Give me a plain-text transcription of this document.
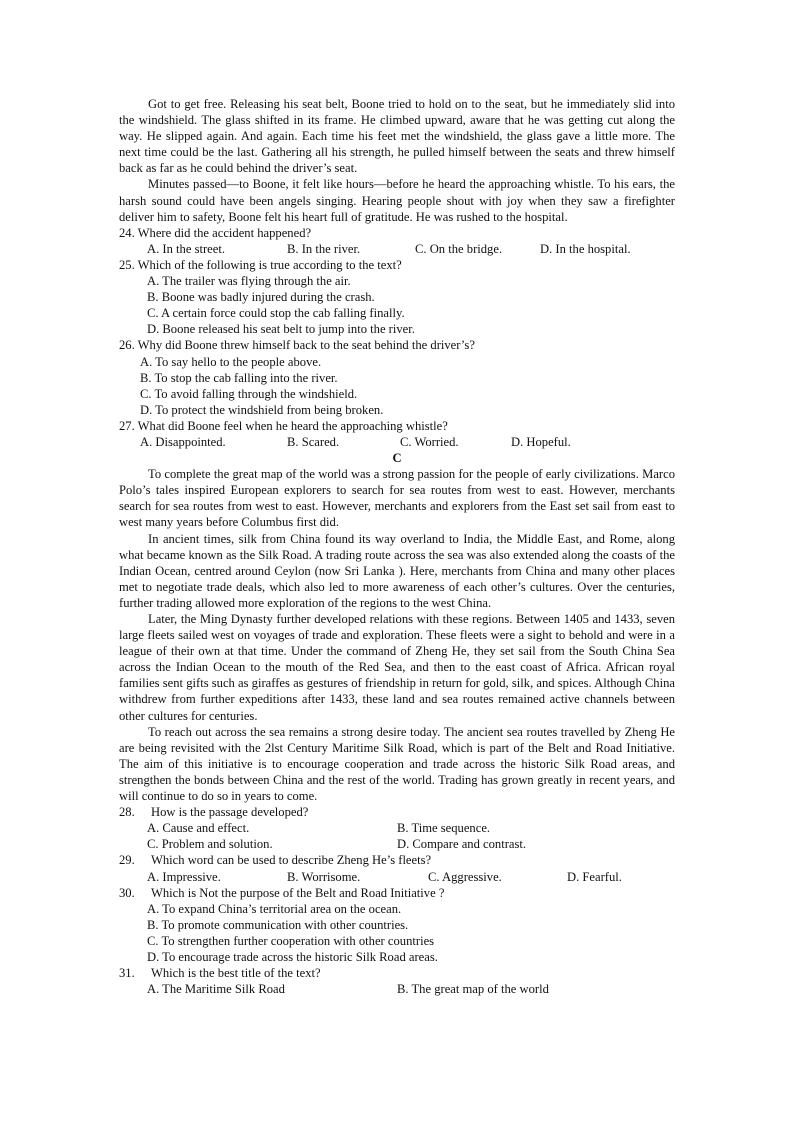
Got to get free. Releasing his seat belt, Boone tried to hold on to the seat, but he immediately slid into the windshield. The glass shifted in its frame. He climbed upward, aware that he was getting cut along the way. He slipped again. And again. Each time his feet met the windshield, the glass gave a little more. The next time could be the last. Gathering all his strength, he pulled himself between the seats and threw himself back as far as he could behind the driver’s seat.

Minutes passed—to Boone, it felt like hours—before he heard the approaching whistle. To his ears, the harsh sound could have been angels singing. Hearing people shout with joy when they saw a firefighter deliver him to safety, Boone felt his heart full of gratitude. He was rushed to the hospital.

24. Where did the accident happened?

A. In the street.	B. In the river.	C. On the bridge.	D. In the hospital.

25. Which of the following is true according to the text?

A. The trailer was flying through the air.

B. Boone was badly injured during the crash.

C. A certain force could stop the cab falling finally.

D. Boone released his seat belt to jump into the river.

26. Why did Boone threw himself back to the seat behind the driver’s?

A. To say hello to the people above.

B. To stop the cab falling into the river.

C. To avoid falling through the windshield.

D. To protect the windshield from being broken.

27. What did Boone feel when he heard the approaching whistle?

A. Disappointed.	B. Scared.	C. Worried.	D. Hopeful.

C

To complete the great map of the world was a strong passion for the people of early civilizations. Marco Polo’s tales inspired European explorers to search for sea routes from west to east. However, merchants search for sea routes from west to east. However, merchants and explorers from the East set sail from east to west many years before Columbus first did.

In ancient times, silk from China found its way overland to India, the Middle East, and Rome, along what became known as the Silk Road. A trading route across the sea was also extended along the coasts of the Indian Ocean, centred around Ceylon (now Sri Lanka ). Here, merchants from China and many other places met to negotiate trade deals, which also led to more awareness of each other’s cultures. Over the centuries, further trading allowed more exploration of the regions to the west China.

Later, the Ming Dynasty further developed relations with these regions. Between 1405 and 1433, seven large fleets sailed west on voyages of trade and exploration. These fleets were a sight to behold and were in a league of their own at that time. Under the command of Zheng He, they set sail from the South China Sea across the Indian Ocean to the mouth of the Red Sea, and then to the east coast of Africa. African royal families sent gifts such as giraffes as gestures of friendship in return for gold, silk, and spices. Although China withdrew from further expeditions after 1433, these land and sea routes remained active channels between other cultures for centuries.

To reach out across the sea remains a strong desire today. The ancient sea routes travelled by Zheng He are being revisited with the 2lst Century Maritime Silk Road, which is part of the Belt and Road Initiative. The aim of this initiative is to encourage cooperation and trade across the historic Silk Road areas, and strengthen the bonds between China and the rest of the world. Trading has grown greatly in recent years, and will continue to do so in years to come.

28. How is the passage developed?

A. Cause and effect.	B. Time sequence.
C. Problem and solution.	D. Compare and contrast.

29. Which word can be used to describe Zheng He’s fleets?

A. Impressive.	B. Worrisome.	C. Aggressive.	D. Fearful.

30. Which is Not the purpose of the Belt and Road Initiative ?

A. To expand China’s territorial area on the ocean.

B. To promote communication with other countries.

C. To strengthen further cooperation with other countries

D. To encourage trade across the historic Silk Road areas.

31. Which is the best title of the text?

A. The Maritime Silk Road	B. The great map of the world
